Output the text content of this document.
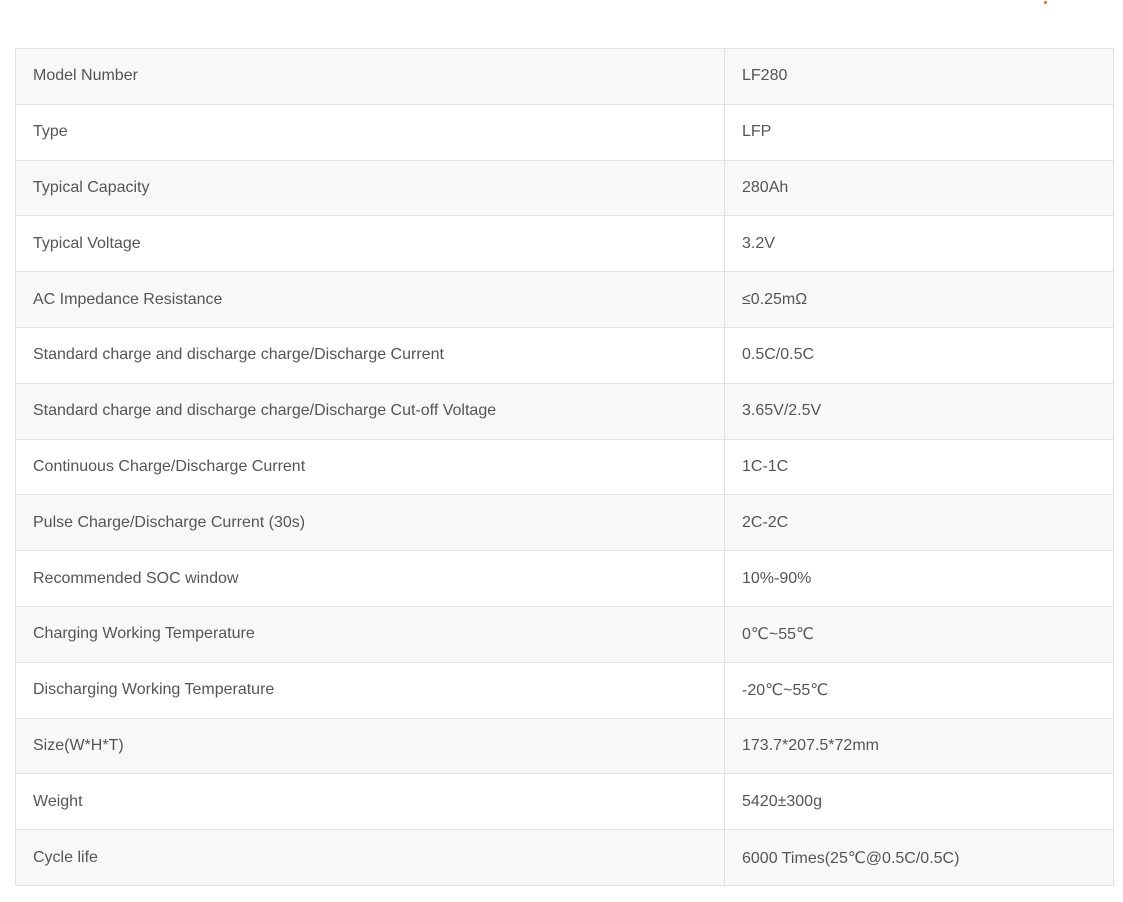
Model Number	LF280
Type	LFP
Typical Capacity	280Ah
Typical Voltage	3.2V
AC Impedance Resistance	≤0.25mΩ
Standard charge and discharge charge/Discharge Current	0.5C/0.5C
Standard charge and discharge charge/Discharge Cut-off Voltage	3.65V/2.5V
Continuous Charge/Discharge Current	1C-1C
Pulse Charge/Discharge Current (30s)	2C-2C
Recommended SOC window	10%-90%
Charging Working Temperature	0℃~55℃
Discharging Working Temperature	-20℃~55℃
Size(W*H*T)	173.7*207.5*72mm
Weight	5420±300g
Cycle life	6000 Times(25℃@0.5C/0.5C)
